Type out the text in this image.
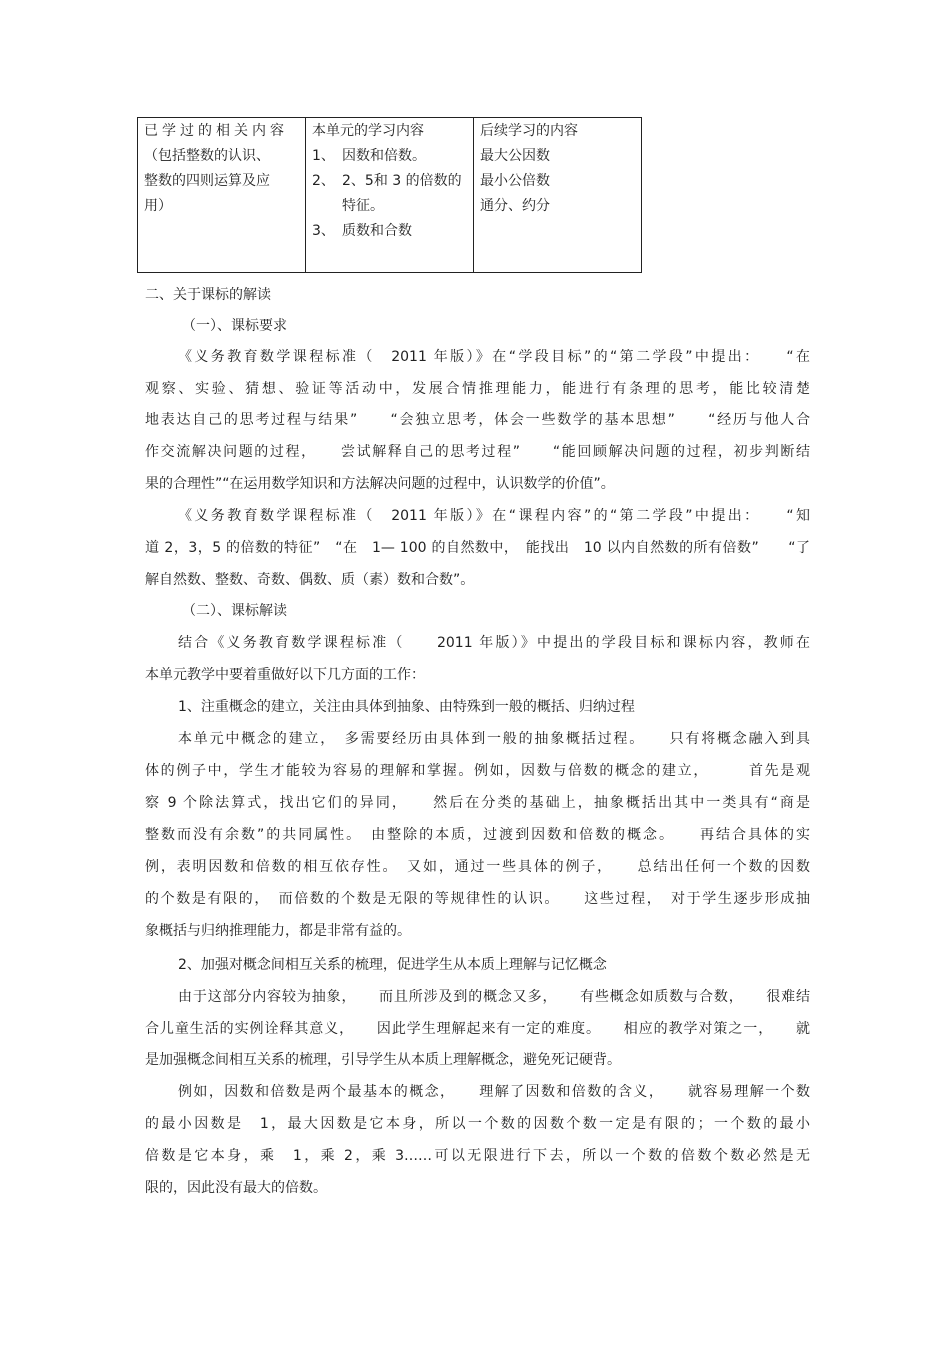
已学过的相关内容
（包括整数的认识、
整数的四则运算及应
用）

本单元的学习内容
1、 因数和倍数。
2、 2、5和 3 的倍数的特征。
3、 质数和合数

后续学习的内容
最大公因数
最小公倍数
通分、约分
二、关于课标的解读
（一）、课标要求
《义务教育数学课程标准（　2011 年版）》在“学段目标”的“第二学段”中提出：　　“在
观察、实验、猜想、验证等活动中，发展合情推理能力，能进行有条理的思考，能比较清楚
地表达自己的思考过程与结果”　　“会独立思考，体会一些数学的基本思想”　　“经历与他人合
作交流解决问题的过程，　　尝试解释自己的思考过程”　　“能回顾解决问题的过程，初步判断结
果的合理性”“在运用数学知识和方法解决问题的过程中，认识数学的价值”。
《义务教育数学课程标准（　2011 年版）》在“课程内容”的“第二学段”中提出：　　“知
道 2，3，5 的倍数的特征”　“在　1— 100 的自然数中，　能找出　10 以内自然数的所有倍数”　　“了
解自然数、整数、奇数、偶数、质（素）数和合数”。
（二）、课标解读
结合《义务教育数学课程标准（　　2011 年版）》中提出的学段目标和课标内容，教师在
本单元教学中要着重做好以下几方面的工作：
1、注重概念的建立，关注由具体到抽象、由特殊到一般的概括、归纳过程
本单元中概念的建立，　多需要经历由具体到一般的抽象概括过程。　　只有将概念融入到具
体的例子中，学生才能较为容易的理解和掌握。例如，因数与倍数的概念的建立，　　　首先是观
察 9 个除法算式，找出它们的异同，　　然后在分类的基础上，抽象概括出其中一类具有“商是
整数而没有余数”的共同属性。　由整除的本质，过渡到因数和倍数的概念。　　再结合具体的实
例，表明因数和倍数的相互依存性。　又如，通过一些具体的例子，　　总结出任何一个数的因数
的个数是有限的，　而倍数的个数是无限的等规律性的认识。　　这些过程，　对于学生逐步形成抽
象概括与归纳推理能力，都是非常有益的。
2、加强对概念间相互关系的梳理，促进学生从本质上理解与记忆概念
由于这部分内容较为抽象，　　而且所涉及到的概念又多，　　有些概念如质数与合数，　　很难结
合儿童生活的实例诠释其意义，　　因此学生理解起来有一定的难度。　　相应的教学对策之一，　　就
是加强概念间相互关系的梳理，引导学生从本质上理解概念，避免死记硬背。
例如，因数和倍数是两个最基本的概念，　　理解了因数和倍数的含义，　　就容易理解一个数
的最小因数是　1，最大因数是它本身，所以一个数的因数个数一定是有限的；一个数的最小
倍数是它本身，乘　1，乘 2，乘 3……可以无限进行下去，所以一个数的倍数个数必然是无
限的，因此没有最大的倍数。
